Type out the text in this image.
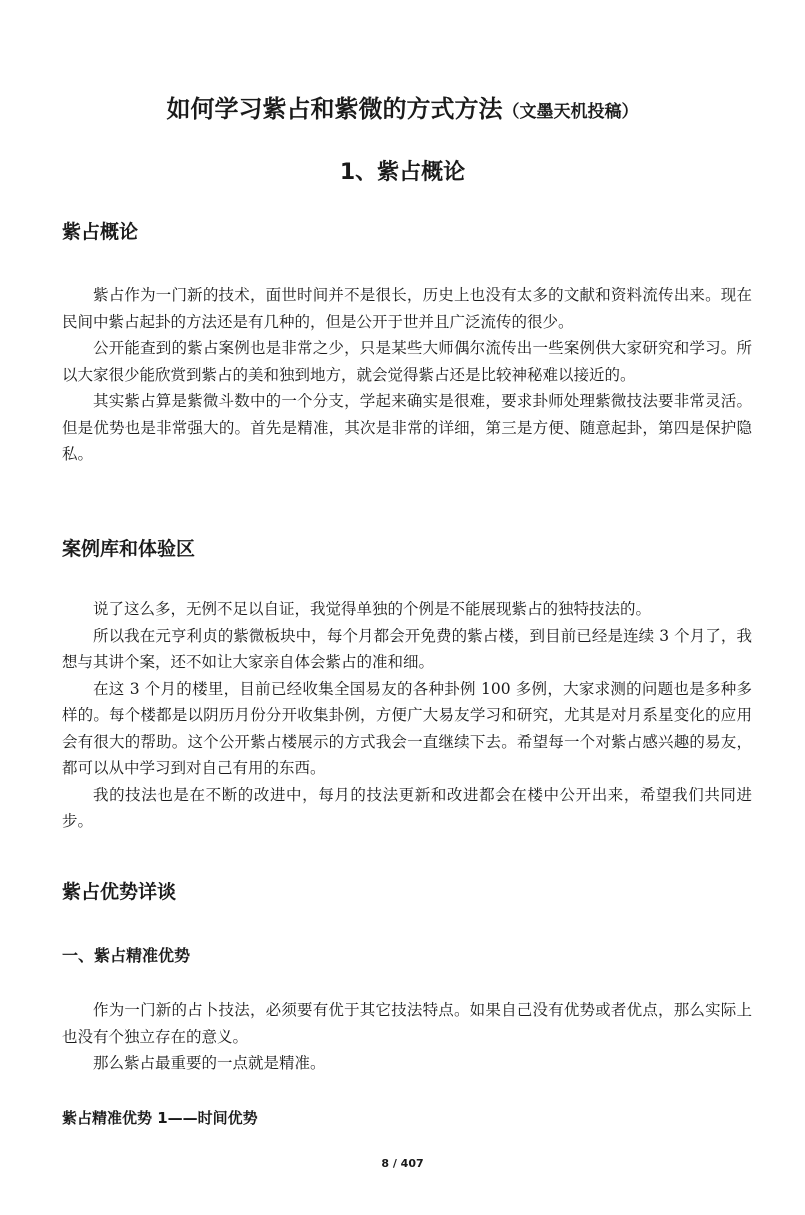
如何学习紫占和紫微的方式方法（文墨天机投稿）
1、紫占概论
紫占概论

紫占作为一门新的技术，面世时间并不是很长，历史上也没有太多的文献和资料流传出来。现在民间中紫占起卦的方法还是有几种的，但是公开于世并且广泛流传的很少。

公开能查到的紫占案例也是非常之少，只是某些大师偶尔流传出一些案例供大家研究和学习。所以大家很少能欣赏到紫占的美和独到地方，就会觉得紫占还是比较神秘难以接近的。

其实紫占算是紫微斗数中的一个分支，学起来确实是很难，要求卦师处理紫微技法要非常灵活。但是优势也是非常强大的。首先是精准，其次是非常的详细，第三是方便、随意起卦，第四是保护隐私。

案例库和体验区

说了这么多，无例不足以自证，我觉得单独的个例是不能展现紫占的独特技法的。

所以我在元亨利贞的紫微板块中，每个月都会开免费的紫占楼，到目前已经是连续 3 个月了，我想与其讲个案，还不如让大家亲自体会紫占的准和细。

在这 3 个月的楼里，目前已经收集全国易友的各种卦例 100 多例，大家求测的问题也是多种多样的。每个楼都是以阴历月份分开收集卦例，方便广大易友学习和研究，尤其是对月系星变化的应用会有很大的帮助。这个公开紫占楼展示的方式我会一直继续下去。希望每一个对紫占感兴趣的易友，都可以从中学习到对自己有用的东西。

我的技法也是在不断的改进中，每月的技法更新和改进都会在楼中公开出来，希望我们共同进步。

紫占优势详谈
一、紫占精准优势

作为一门新的占卜技法，必须要有优于其它技法特点。如果自己没有优势或者优点，那么实际上也没有个独立存在的意义。

那么紫占最重要的一点就是精准。

紫占精准优势 1——时间优势
8 / 407
